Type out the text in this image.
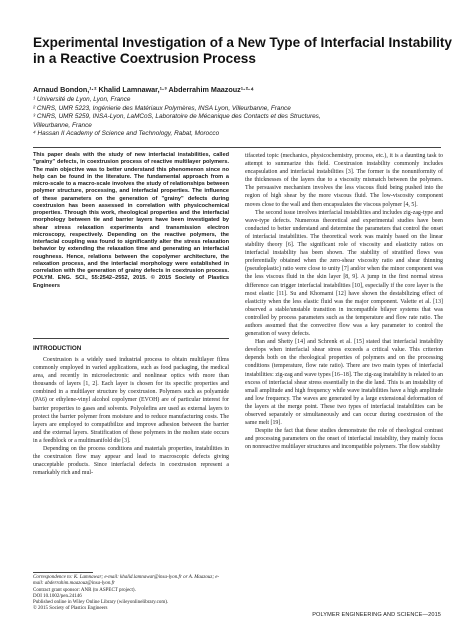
Experimental Investigation of a New Type of Interfacial Instability in a Reactive Coextrusion Process
Arnaud Bondon,¹·² Khalid Lamnawar,¹·³ Abderrahim Maazouz¹·²·⁴
¹ Université de Lyon, Lyon, France
² CNRS, UMR 5223, Ingénierie des Matériaux Polymères, INSA Lyon, Villeurbanne, France
³ CNRS, UMR 5259, INSA-Lyon, LaMCoS, Laboratoire de Mécanique des Contacts et des Structures,
Villeurbanne, France
⁴ Hassan II Academy of Science and Technology, Rabat, Morocco
This paper deals with the study of new interfacial instabilities, called "grainy" defects, in coextrusion process of reactive multilayer polymers. The main objective was to better understand this phenomenon since no help can be found in the literature. The fundamental approach from a micro-scale to a macro-scale involves the study of relationships between polymer structure, processing, and interfacial properties. The influence of these parameters on the generation of "grainy" defects during coextrusion has been assessed in correlation with physicochemical properties. Through this work, rheological properties and the interfacial morphology between tie and barrier layers have been investigated by shear stress relaxation experiments and transmission electron microscopy, respectively. Depending on the reactive polymers, the interfacial coupling was found to significantly alter the stress relaxation behavior by extending the relaxation time and generating an interfacial roughness. Hence, relations between the copolymer architecture, the relaxation process, and the interfacial morphology were established in correlation with the generation of grainy defects in coextrusion process. POLYM. ENG. SCI., 55:2542–2552, 2015. © 2015 Society of Plastics Engineers
INTRODUCTION

Coextrusion is a widely used industrial process to obtain multilayer films commonly employed in varied applications, such as food packaging, the medical area, and recently in microelectronic and nonlinear optics with more than thousands of layers [1, 2]. Each layer is chosen for its specific properties and combined in a multilayer structure by coextrusion. Polymers such as polyamide (PA6) or ethylene-vinyl alcohol copolymer (EVOH) are of particular interest for barrier properties to gases and solvents. Polyolefins are used as external layers to protect the barrier polymer from moisture and to reduce manufacturing costs. The layers are employed to compatibilize and improve adhesion between the barrier and the external layers. Stratification of these polymers in the molten state occurs in a feedblock or a multimanifold die [3].

Depending on the process conditions and materials properties, instabilities in the coextrusion flow may appear and lead to macroscopic defects giving unacceptable products. Since interfacial defects in coextrusion represent a remarkably rich and mul-

Correspondence to: K. Lamnawar; e-mail: khalid.lamnawar@insa-lyon.fr or A. Maazouz; e-mail: abderrahim.maazouz@insa-lyon.fr
Contract grant sponsor: ANR (to ASPECT project).
DOI 10.1002/pen.24146
Published online in Wiley Online Library (wileyonlinelibrary.com).
© 2015 Society of Plastics Engineers

tifaceted topic (mechanics, physicochemistry, process, etc.), it is a daunting task to attempt to summarize this field. Coextrusion instability commonly includes encapsulation and interfacial instabilities [3]. The former is the nonuniformity of the thicknesses of the layers due to a viscosity mismatch between the polymers. The persuasive mechanism involves the less viscous fluid being pushed into the region of high shear by the more viscous fluid. The low-viscosity component moves close to the wall and then encapsulates the viscous polymer [4, 5].

The second issue involves interfacial instabilities and includes zig-zag-type and wave-type defects. Numerous theoretical and experimental studies have been conducted to better understand and determine the parameters that control the onset of interfacial instabilities. The theoretical work was mainly based on the linear stability theory [6]. The significant role of viscosity and elasticity ratios on interfacial instability has been shown. The stability of stratified flows was preferentially obtained when the zero-shear viscosity ratio and shear thinning (pseudoplastic) ratio were close to unity [7] and/or when the minor component was the less viscous fluid in the skin layer [8, 9]. A jump in the first normal stress difference can trigger interfacial instabilities [10], especially if the core layer is the most elastic [11]. Su and Khomami [12] have shown the destabilizing effect of elasticity when the less elastic fluid was the major component. Valette et al. [13] observed a stable/unstable transition in incompatible bilayer systems that was controlled by process parameters such as the temperature and flow rate ratio. The authors assumed that the convective flow was a key parameter to control the generation of wavy defects.

Han and Shetty [14] and Schrenk et al. [15] stated that interfacial instability develops when interfacial shear stress exceeds a critical value. This criterion depends both on the rheological properties of polymers and on the processing conditions (temperature, flow rate ratio). There are two main types of interfacial instabilities: zig-zag and wave types [16–18]. The zig-zag instability is related to an excess of interfacial shear stress essentially in the die land. This is an instability of small amplitude and high frequency while wave instabilities have a high amplitude and low frequency. The waves are generated by a large extensional deformation of the layers at the merge point. These two types of interfacial instabilities can be observed separately or simultaneously and can occur during coextrusion of the same melt [19].

Despite the fact that these studies demonstrate the role of rheological contrast and processing parameters on the onset of interfacial instability, they mainly focus on nonreactive multilayer structures and incompatible polymers. The flow stability

POLYMER ENGINEERING AND SCIENCE—2015
